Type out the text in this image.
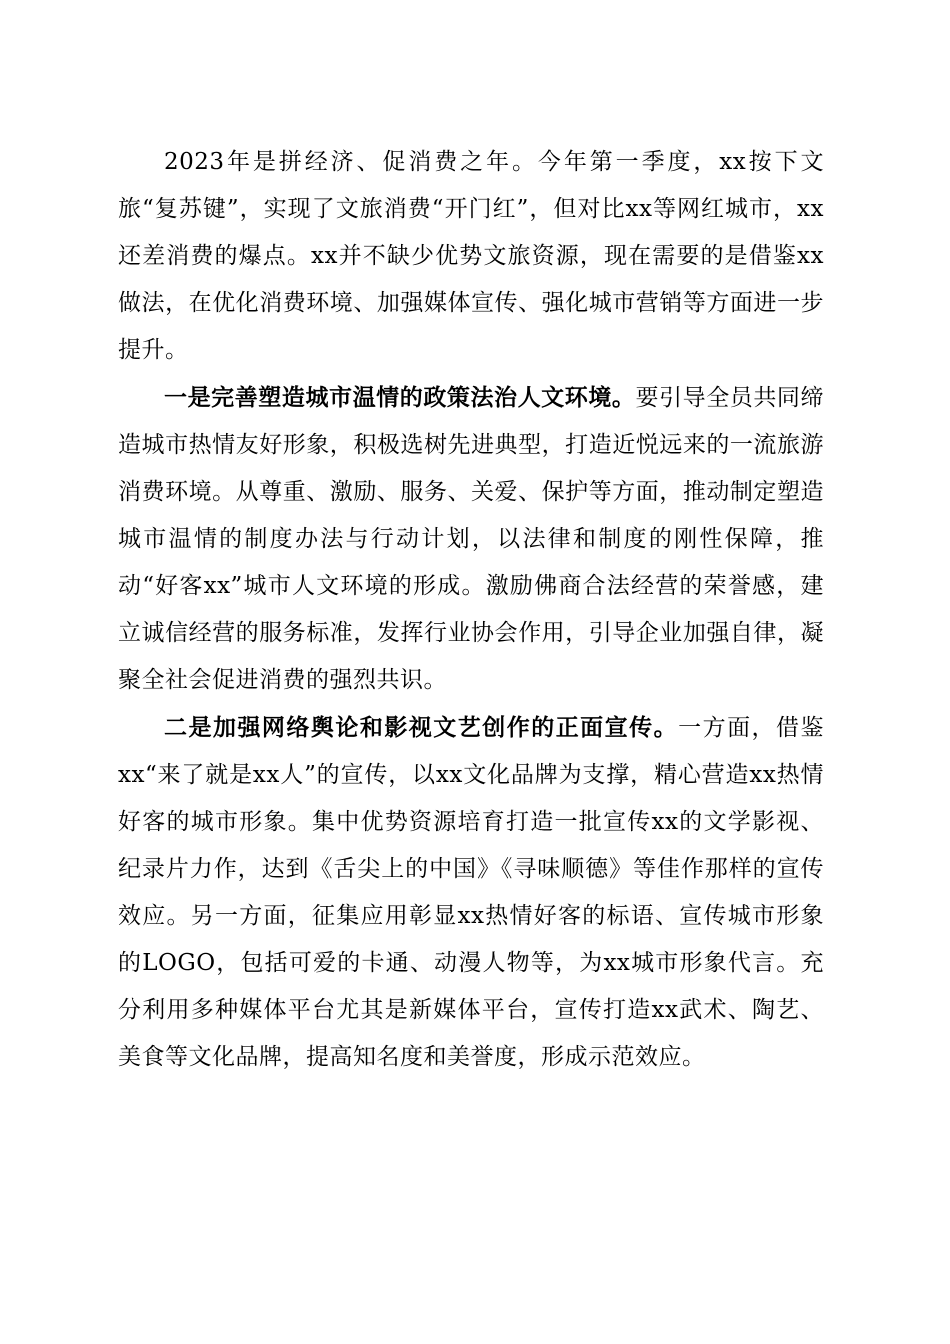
2023年是拼经济、促消费之年。今年第一季度，xx按下文旅“复苏键”，实现了文旅消费“开门红”，但对比xx等网红城市，xx还差消费的爆点。xx并不缺少优势文旅资源，现在需要的是借鉴xx做法，在优化消费环境、加强媒体宣传、强化城市营销等方面进一步提升。

一是完善塑造城市温情的政策法治人文环境。要引导全员共同缔造城市热情友好形象，积极选树先进典型，打造近悦远来的一流旅游消费环境。从尊重、激励、服务、关爱、保护等方面，推动制定塑造城市温情的制度办法与行动计划，以法律和制度的刚性保障，推动“好客xx”城市人文环境的形成。激励佛商合法经营的荣誉感，建立诚信经营的服务标准，发挥行业协会作用，引导企业加强自律，凝聚全社会促进消费的强烈共识。

二是加强网络舆论和影视文艺创作的正面宣传。一方面，借鉴xx“来了就是xx人”的宣传，以xx文化品牌为支撑，精心营造xx热情好客的城市形象。集中优势资源培育打造一批宣传xx的文学影视、纪录片力作，达到《舌尖上的中国》《寻味顺德》等佳作那样的宣传效应。另一方面，征集应用彰显xx热情好客的标语、宣传城市形象的LOGO，包括可爱的卡通、动漫人物等，为xx城市形象代言。充分利用多种媒体平台尤其是新媒体平台，宣传打造xx武术、陶艺、美食等文化品牌，提高知名度和美誉度，形成示范效应。
